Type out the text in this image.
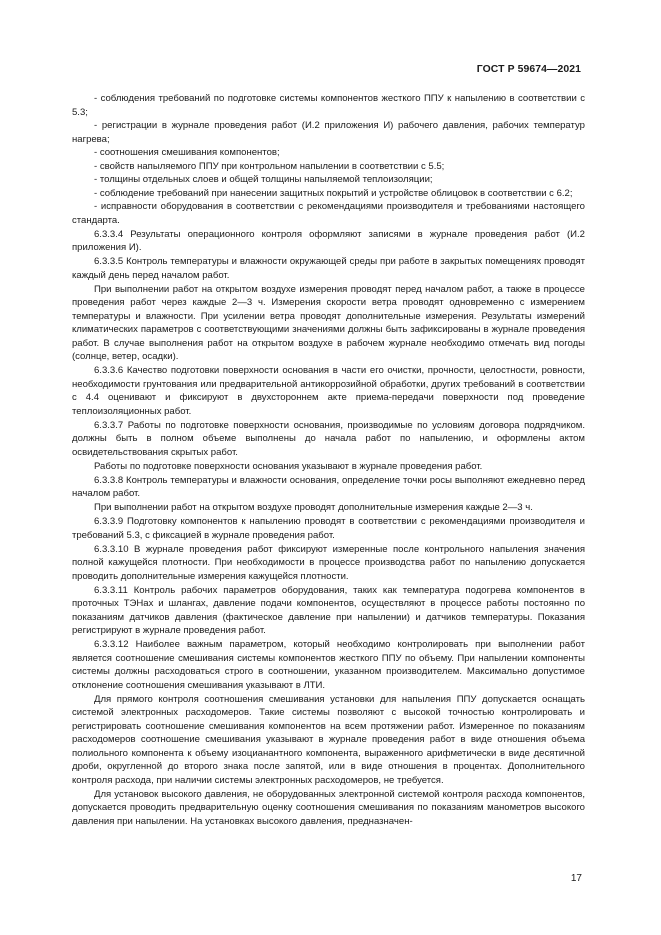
ГОСТ Р 59674—2021

- соблюдения требований по подготовке системы компонентов жесткого ППУ к напылению в соответствии с 5.3;

- регистрации в журнале проведения работ (И.2 приложения И) рабочего давления, рабочих температур нагрева;

- соотношения смешивания компонентов;

- свойств напыляемого ППУ при контрольном напылении в соответствии с 5.5;

- толщины отдельных слоев и общей толщины напыляемой теплоизоляции;

- соблюдение требований при нанесении защитных покрытий и устройстве облицовок в соответствии с 6.2;

- исправности оборудования в соответствии с рекомендациями производителя и требованиями настоящего стандарта.

6.3.3.4 Результаты операционного контроля оформляют записями в журнале проведения работ (И.2 приложения И).

6.3.3.5 Контроль температуры и влажности окружающей среды при работе в закрытых помещениях проводят каждый день перед началом работ.

При выполнении работ на открытом воздухе измерения проводят перед началом работ, а также в процессе проведения работ через каждые 2—3 ч. Измерения скорости ветра проводят одновременно с измерением температуры и влажности. При усилении ветра проводят дополнительные измерения. Результаты измерений климатических параметров с соответствующими значениями должны быть зафиксированы в журнале проведения работ. В случае выполнения работ на открытом воздухе в рабочем журнале необходимо отмечать вид погоды (солнце, ветер, осадки).

6.3.3.6 Качество подготовки поверхности основания в части его очистки, прочности, целостности, ровности, необходимости грунтования или предварительной антикоррозийной обработки, других требований в соответствии с 4.4 оценивают и фиксируют в двухстороннем акте приема-передачи поверхности под проведение теплоизоляционных работ.

6.3.3.7 Работы по подготовке поверхности основания, производимые по условиям договора подрядчиком. должны быть в полном объеме выполнены до начала работ по напылению, и оформлены актом освидетельствования скрытых работ.

Работы по подготовке поверхности основания указывают в журнале проведения работ.

6.3.3.8 Контроль температуры и влажности основания, определение точки росы выполняют ежедневно перед началом работ.

При выполнении работ на открытом воздухе проводят дополнительные измерения каждые 2—3 ч.

6.3.3.9 Подготовку компонентов к напылению проводят в соответствии с рекомендациями производителя и требований 5.3, с фиксацией в журнале проведения работ.

6.3.3.10 В журнале проведения работ фиксируют измеренные после контрольного напыления значения полной кажущейся плотности. При необходимости в процессе производства работ по напылению допускается проводить дополнительные измерения кажущейся плотности.

6.3.3.11 Контроль рабочих параметров оборудования, таких как температура подогрева компонентов в проточных ТЭНах и шлангах, давление подачи компонентов, осуществляют в процессе работы постоянно по показаниям датчиков давления (фактическое давление при напылении) и датчиков температуры. Показания регистрируют в журнале проведения работ.

6.3.3.12 Наиболее важным параметром, который необходимо контролировать при выполнении работ является соотношение смешивания системы компонентов жесткого ППУ по объему. При напылении компоненты системы должны расходоваться строго в соотношении, указанном производителем. Максимально допустимое отклонение соотношения смешивания указывают в ЛТИ.

Для прямого контроля соотношения смешивания установки для напыления ППУ допускается оснащать системой электронных расходомеров. Такие системы позволяют с высокой точностью контролировать и регистрировать соотношение смешивания компонентов на всем протяжении работ. Измеренное по показаниям расходомеров соотношение смешивания указывают в журнале проведения работ в виде отношения объема полиольного компонента к объему изоцианантного компонента, выраженного арифметически в виде десятичной дроби, округленной до второго знака после запятой, или в виде отношения в процентах. Дополнительного контроля расхода, при наличии системы электронных расходомеров, не требуется.

Для установок высокого давления, не оборудованных электронной системой контроля расхода компонентов, допускается проводить предварительную оценку соотношения смешивания по показаниям манометров высокого давления при напылении. На установках высокого давления, предназначен-

17
